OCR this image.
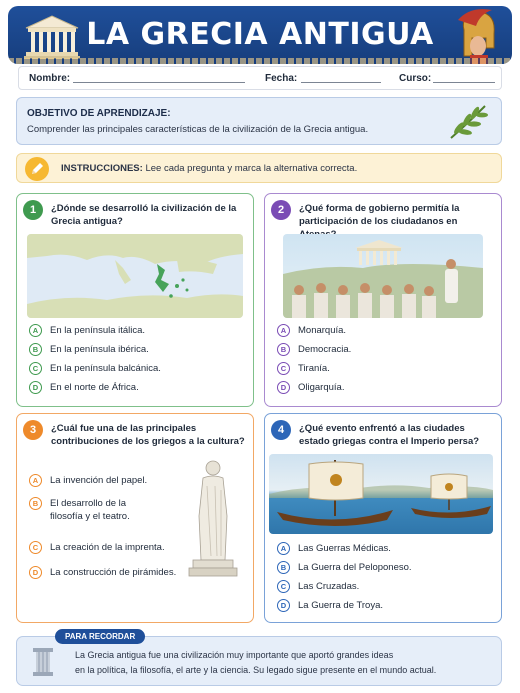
LA GRECIA ANTIGUA
Nombre:	Fecha:	Curso:
OBJETIVO DE APRENDIZAJE:
Comprender las principales características de la civilización de la Grecia antigua.
INSTRUCCIONES: Lee cada pregunta y marca la alternativa correcta.
1	¿Dónde se desarrolló la civilización de la Grecia antigua?
A	En la península itálica.
B	En la península ibérica.
C	En la península balcánica.
D	En el norte de África.
2	¿Qué forma de gobierno permitía la participación de los ciudadanos en
A	Monarquía.
B	Democracia.
C	Tiranía.
D	Oligarquía.
3	¿Cuál fue una de las principales contribuciones de los griegos a la cultura?
A	La invención del papel.
B	El desarrollo de la filosofía y el teatro.
C	La creación de la imprenta.
D	La construcción de pirámides.
4	¿Qué evento enfrentó a las ciudades estado griegas contra el Imperio persa?
A	Las Guerras Médicas.
B	La Guerra del Peloponeso.
C	Las Cruzadas.
D	La Guerra de Troya.
PARA RECORDAR
La Grecia antigua fue una civilización muy importante que aportó grandes ideas
en la política, la filosofía, el arte y la ciencia. Su legado sigue presente en el mundo actual.
